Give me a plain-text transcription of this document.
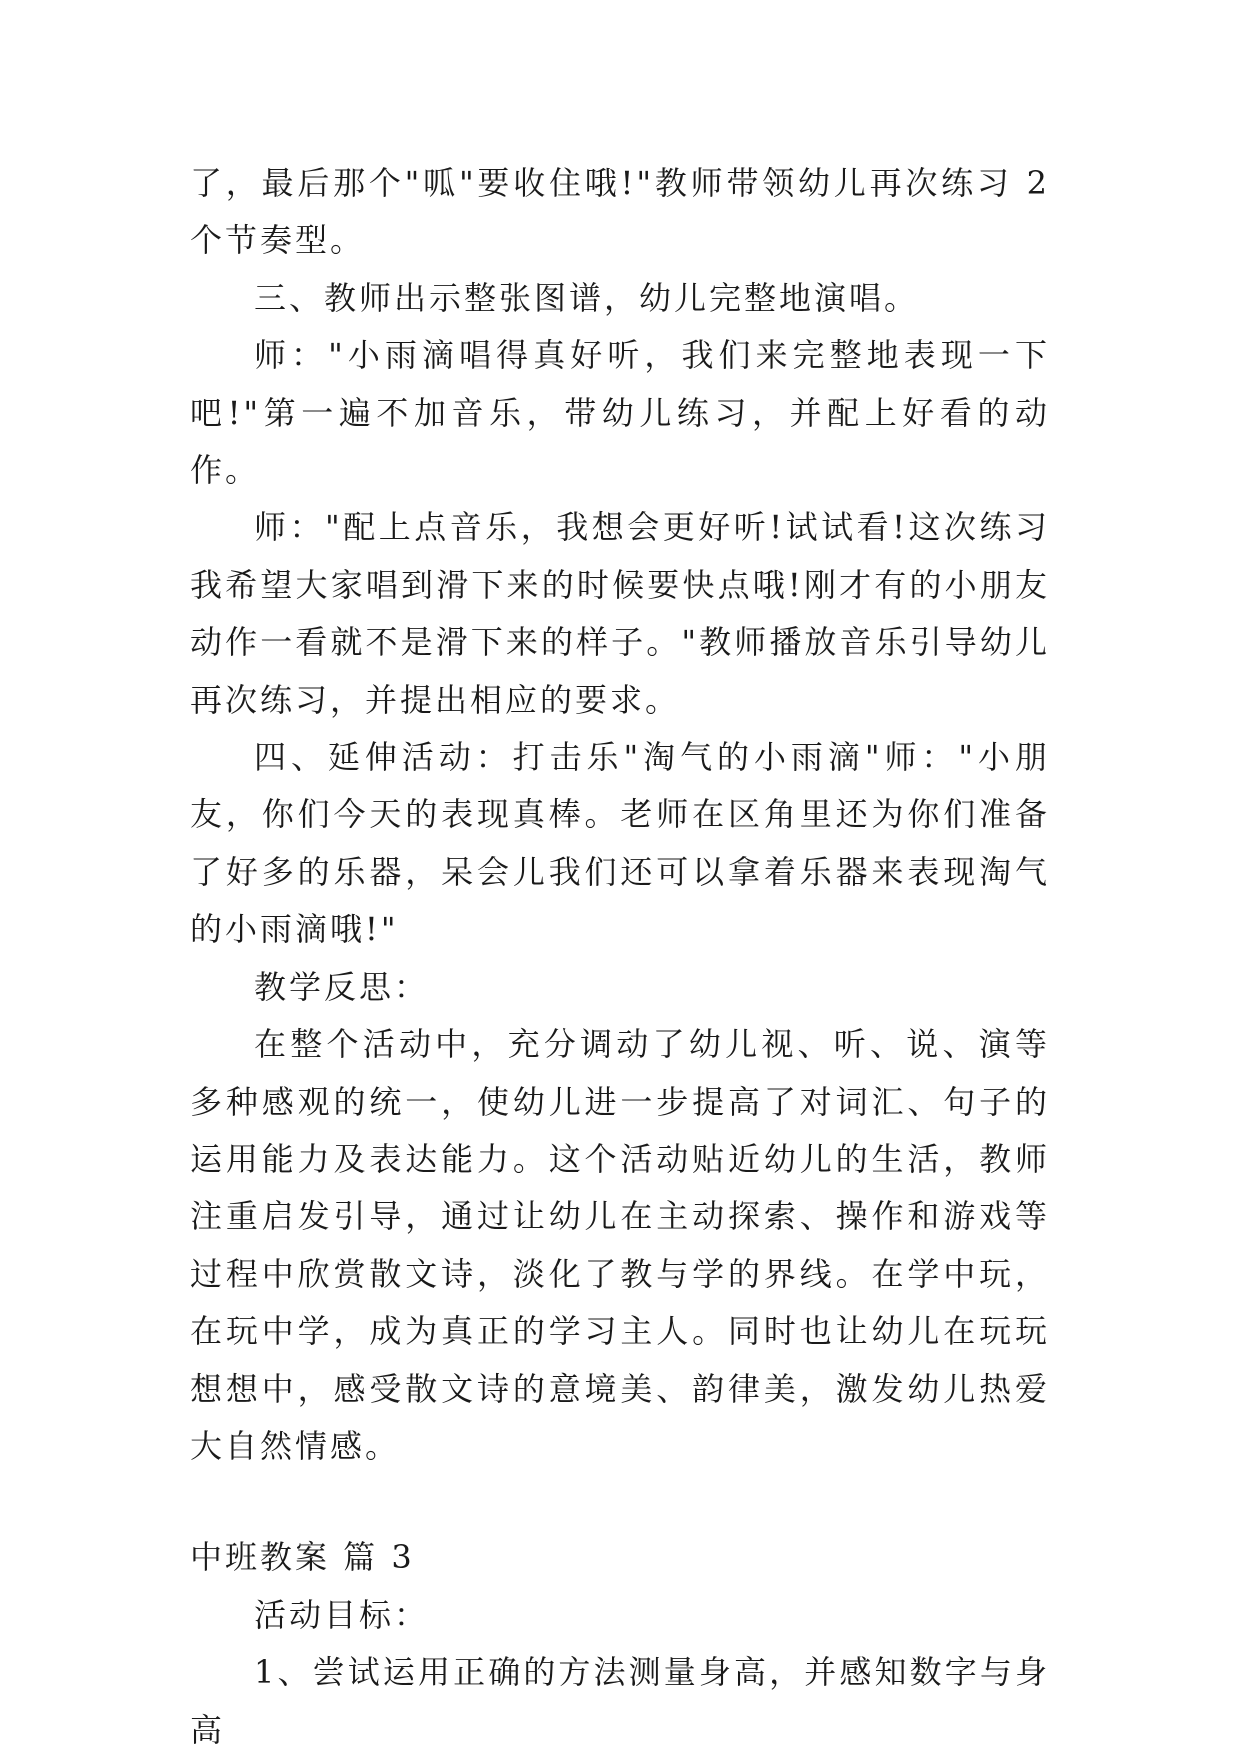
了，最后那个"呱"要收住哦!"教师带领幼儿再次练习 2 个节奏型。

三、教师出示整张图谱，幼儿完整地演唱。

师："小雨滴唱得真好听，我们来完整地表现一下吧!"第一遍不加音乐，带幼儿练习，并配上好看的动作。

师："配上点音乐，我想会更好听!试试看!这次练习我希望大家唱到滑下来的时候要快点哦!刚才有的小朋友动作一看就不是滑下来的样子。"教师播放音乐引导幼儿再次练习，并提出相应的要求。

四、延伸活动：打击乐"淘气的小雨滴"师："小朋友，你们今天的表现真棒。老师在区角里还为你们准备了好多的乐器，呆会儿我们还可以拿着乐器来表现淘气的小雨滴哦!"

教学反思：

在整个活动中，充分调动了幼儿视、听、说、演等多种感观的统一，使幼儿进一步提高了对词汇、句子的运用能力及表达能力。这个活动贴近幼儿的生活，教师注重启发引导，通过让幼儿在主动探索、操作和游戏等过程中欣赏散文诗，淡化了教与学的界线。在学中玩，在玩中学，成为真正的学习主人。同时也让幼儿在玩玩想想中，感受散文诗的意境美、韵律美，激发幼儿热爱大自然情感。

中班教案 篇 3

活动目标：

1、尝试运用正确的方法测量身高，并感知数字与身高
